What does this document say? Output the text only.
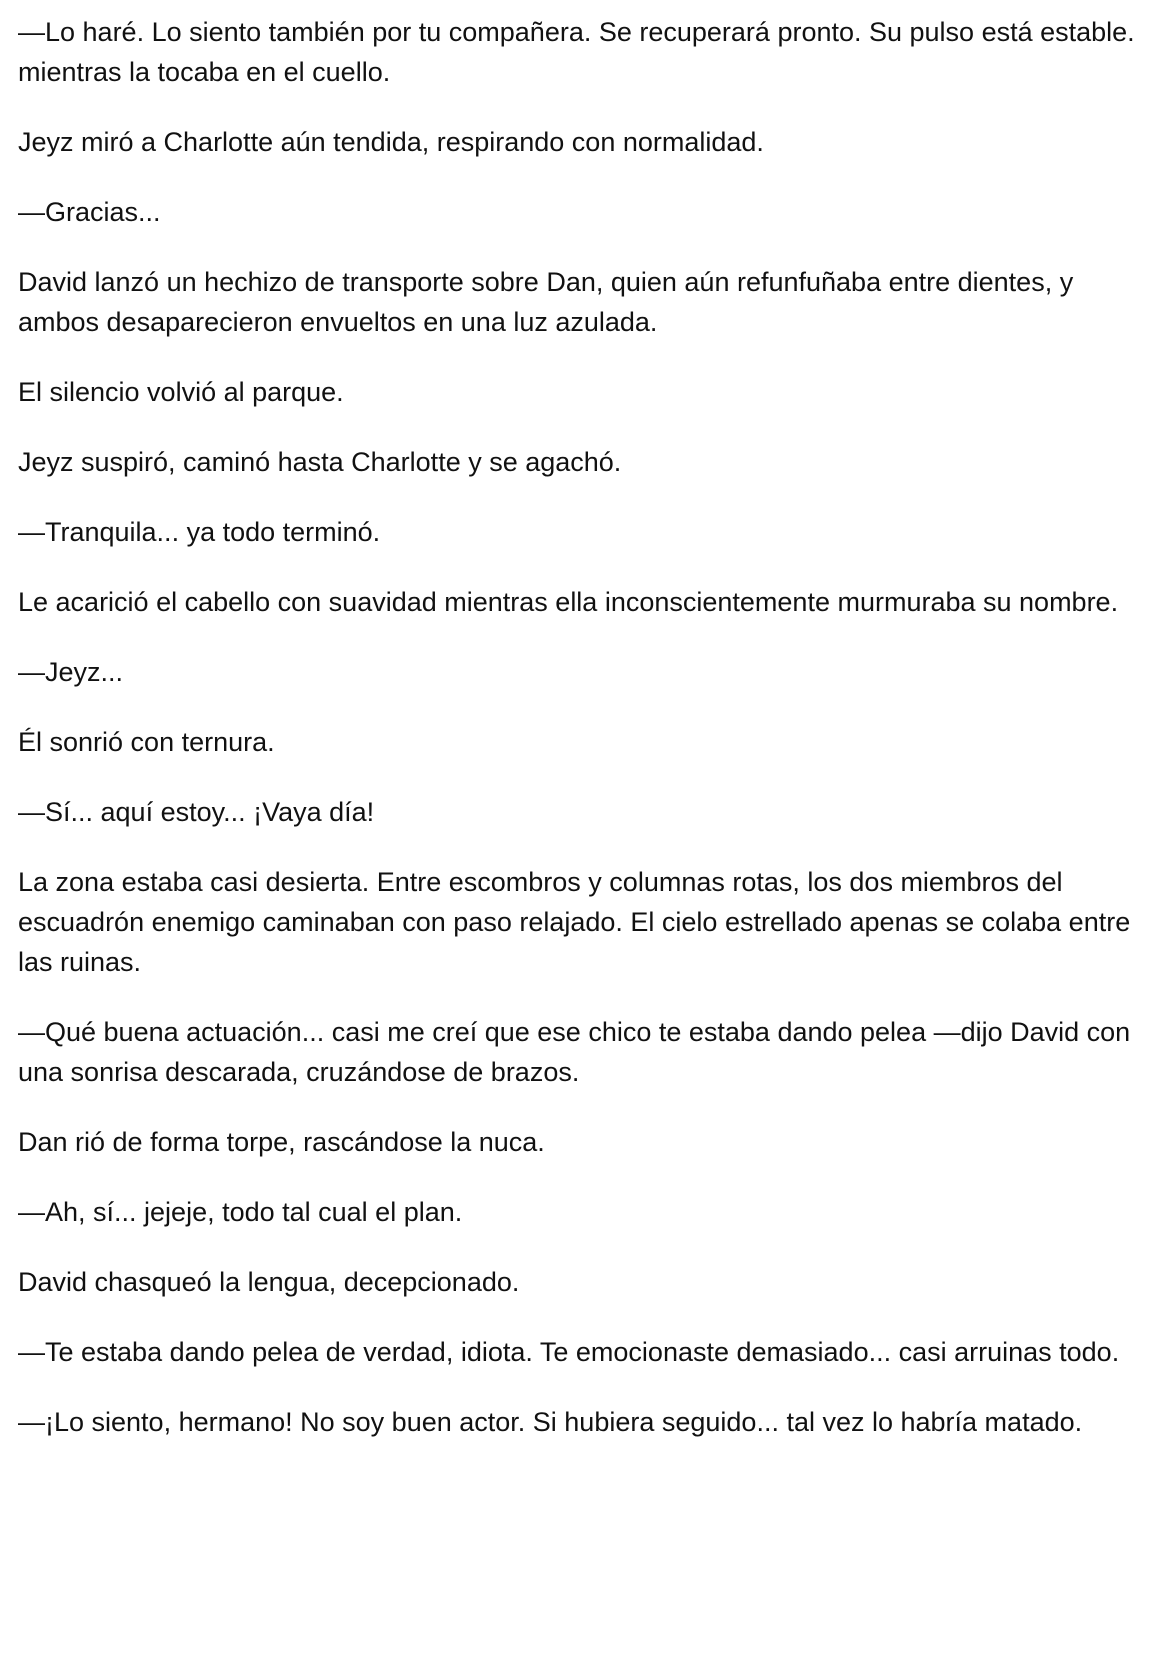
—Lo haré. Lo siento también por tu compañera. Se recuperará pronto. Su pulso está estable. mientras la tocaba en el cuello.

Jeyz miró a Charlotte aún tendida, respirando con normalidad.

—Gracias...

David lanzó un hechizo de transporte sobre Dan, quien aún refunfuñaba entre dientes, y ambos desaparecieron envueltos en una luz azulada.

El silencio volvió al parque.

Jeyz suspiró, caminó hasta Charlotte y se agachó.

—Tranquila... ya todo terminó.

Le acarició el cabello con suavidad mientras ella inconscientemente murmuraba su nombre.

—Jeyz...

Él sonrió con ternura.

—Sí... aquí estoy... ¡Vaya día!

La zona estaba casi desierta. Entre escombros y columnas rotas, los dos miembros del escuadrón enemigo caminaban con paso relajado. El cielo estrellado apenas se colaba entre las ruinas.

—Qué buena actuación... casi me creí que ese chico te estaba dando pelea —dijo David con una sonrisa descarada, cruzándose de brazos.

Dan rió de forma torpe, rascándose la nuca.

—Ah, sí... jejeje, todo tal cual el plan.

David chasqueó la lengua, decepcionado.

—Te estaba dando pelea de verdad, idiota. Te emocionaste demasiado... casi arruinas todo.

—¡Lo siento, hermano! No soy buen actor. Si hubiera seguido... tal vez lo habría matado.
